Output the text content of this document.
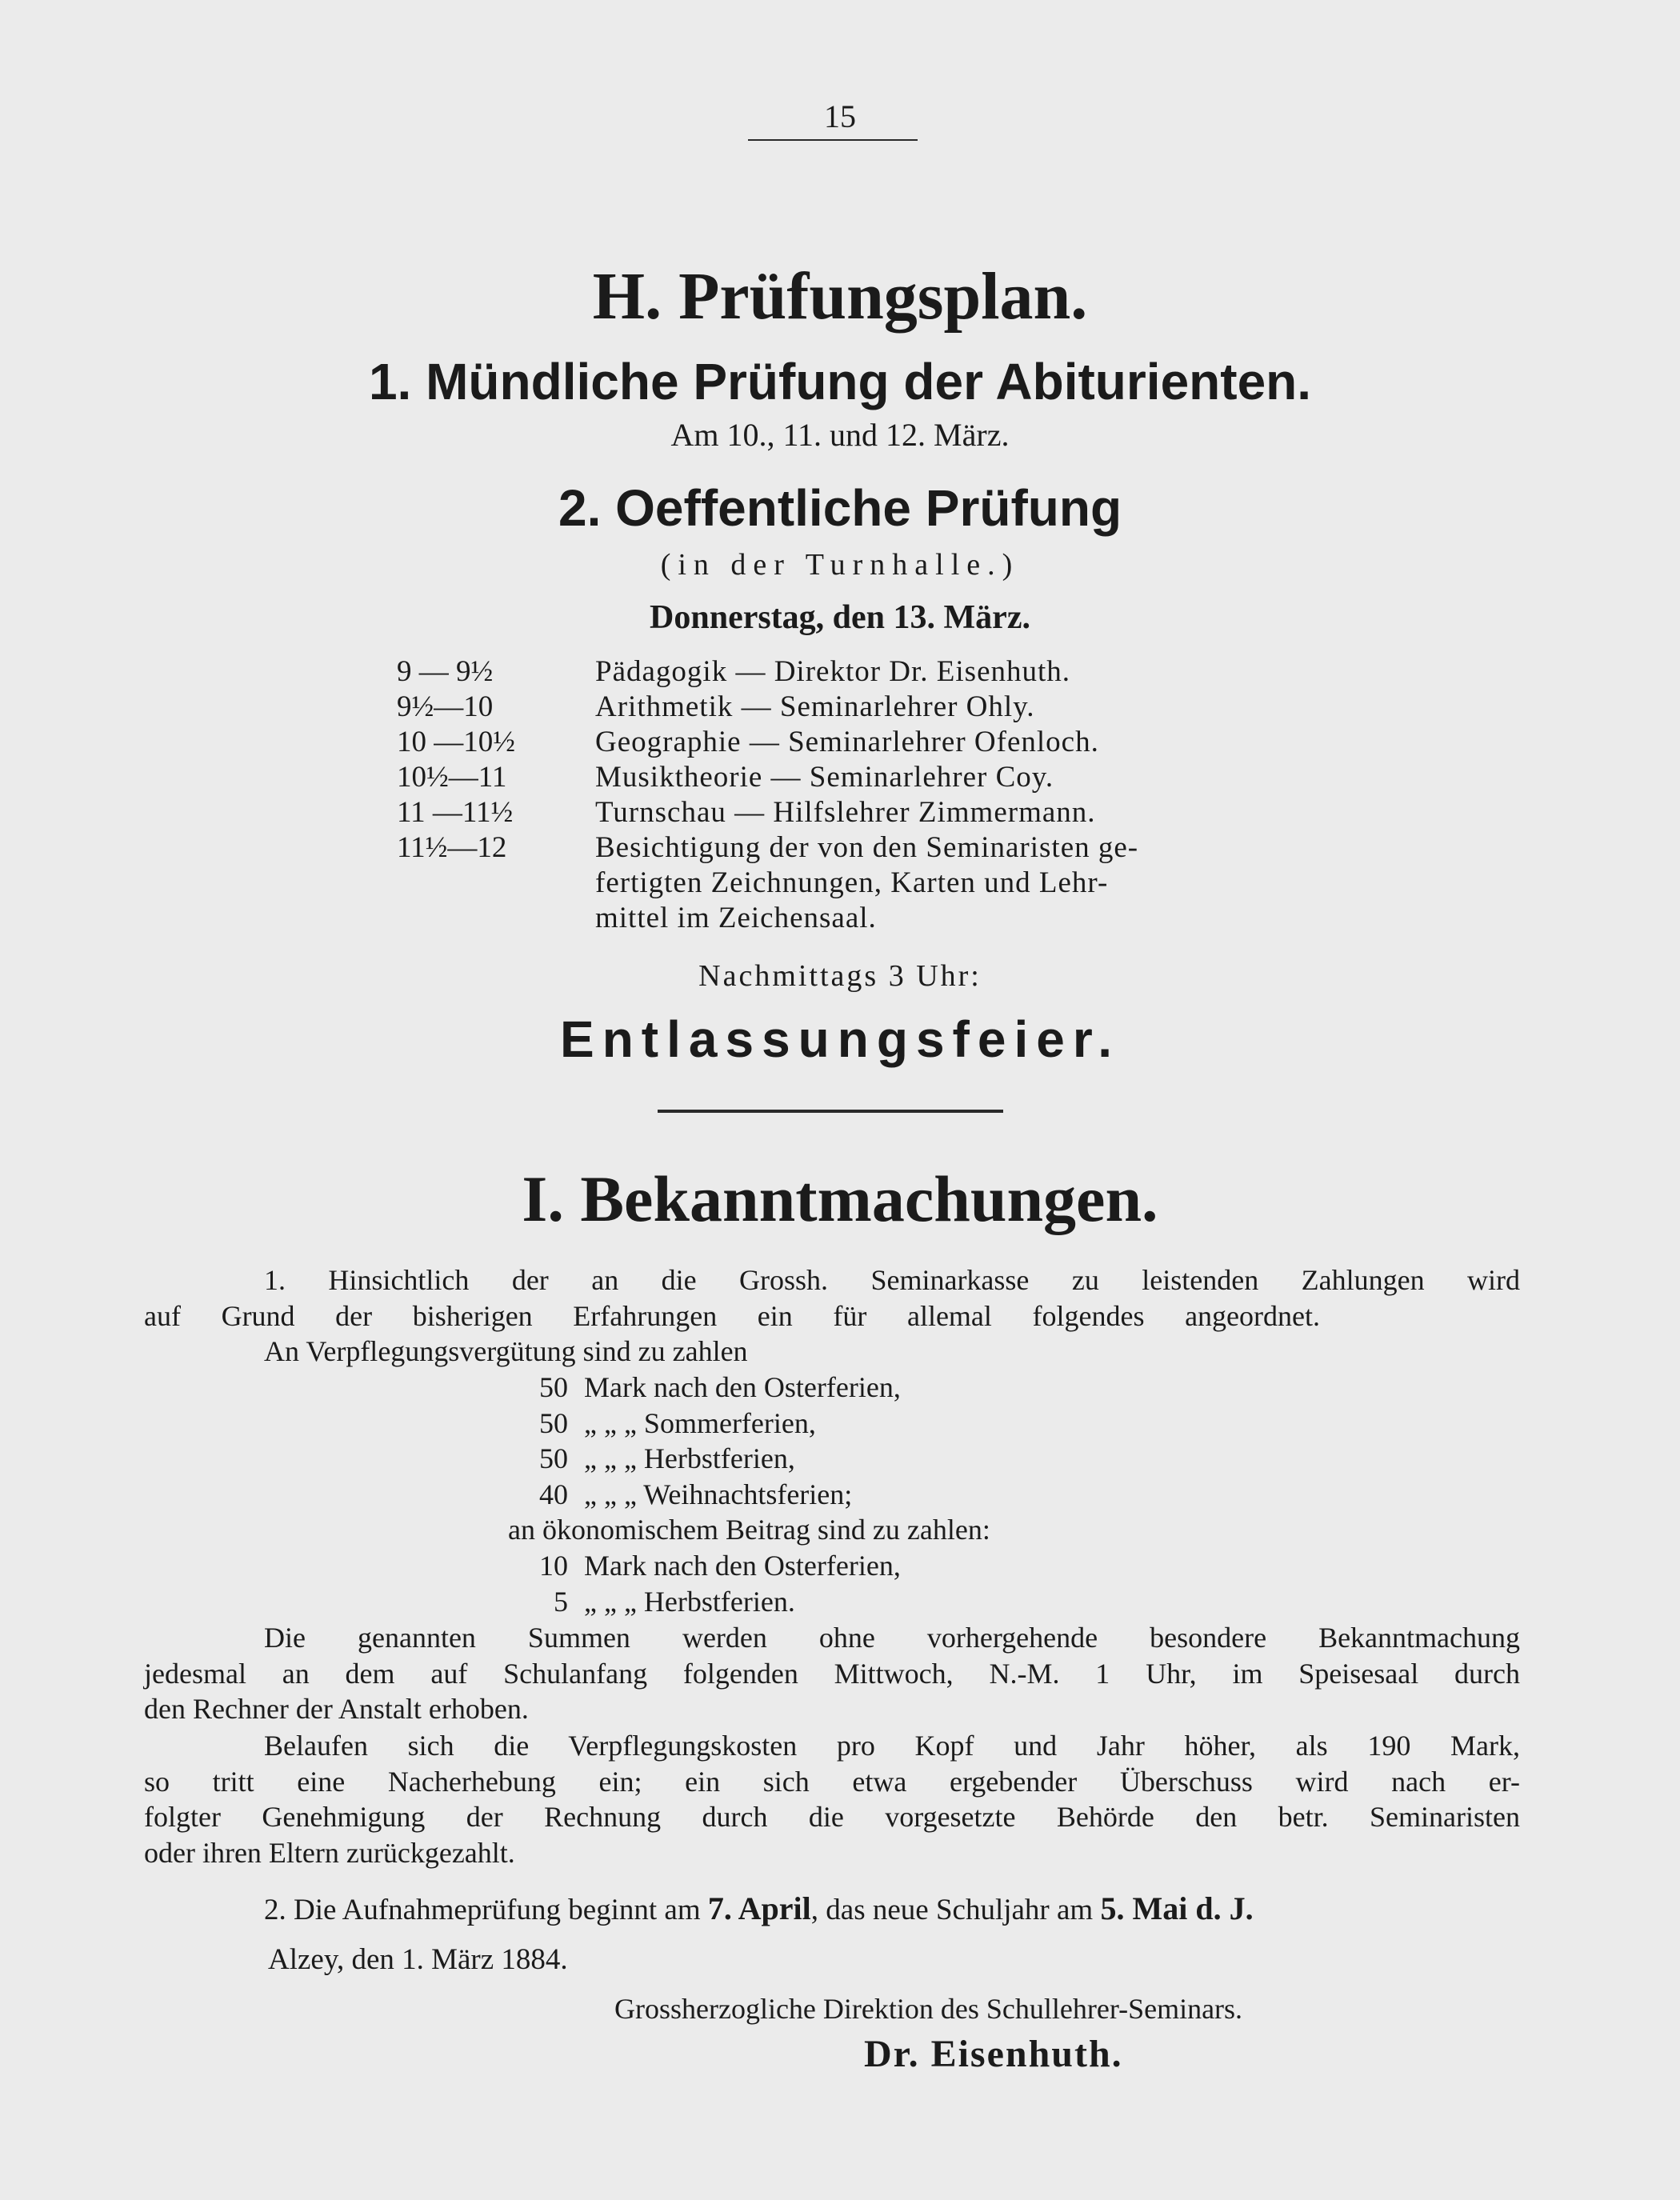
15
H. Prüfungsplan.
1. Mündliche Prüfung der Abiturienten.
Am 10., 11. und 12. März.
2. Oeffentliche Prüfung
(in der Turnhalle.)
Donnerstag, den 13. März.
9 — 9½	Pädagogik — Direktor Dr. Eisenhuth.
9½—10	Arithmetik — Seminarlehrer Ohly.
10 —10½	Geographie — Seminarlehrer Ofenloch.
10½—11	Musiktheorie — Seminarlehrer Coy.
11 —11½	Turnschau — Hilfslehrer Zimmermann.
11½—12	Besichtigung der von den Seminaristen ge-
fertigten Zeichnungen, Karten und Lehr-
mittel im Zeichensaal.
Nachmittags 3 Uhr:
Entlassungsfeier.
I. Bekanntmachungen.
1. Hinsichtlich der an die Grossh. Seminarkasse zu leistenden Zahlungen wird
auf Grund der bisherigen Erfahrungen ein für allemal folgendes angeordnet.
An Verpflegungsvergütung sind zu zahlen
50 Mark nach den Osterferien,
50 „ „ „ Sommerferien,
50 „ „ „ Herbstferien,
40 „ „ „ Weihnachtsferien;
an ökonomischem Beitrag sind zu zahlen:
10 Mark nach den Osterferien,
5 „ „ „ Herbstferien.
Die genannten Summen werden ohne vorhergehende besondere Bekanntmachung
jedesmal an dem auf Schulanfang folgenden Mittwoch, N.-M. 1 Uhr, im Speisesaal durch
den Rechner der Anstalt erhoben.
Belaufen sich die Verpflegungskosten pro Kopf und Jahr höher, als 190 Mark,
so tritt eine Nacherhebung ein; ein sich etwa ergebender Überschuss wird nach er-
folgter Genehmigung der Rechnung durch die vorgesetzte Behörde den betr. Seminaristen
oder ihren Eltern zurückgezahlt.
2. Die Aufnahmeprüfung beginnt am 7. April, das neue Schuljahr am 5. Mai d. J.
Alzey, den 1. März 1884.
Grossherzogliche Direktion des Schullehrer-Seminars.
Dr. Eisenhuth.
